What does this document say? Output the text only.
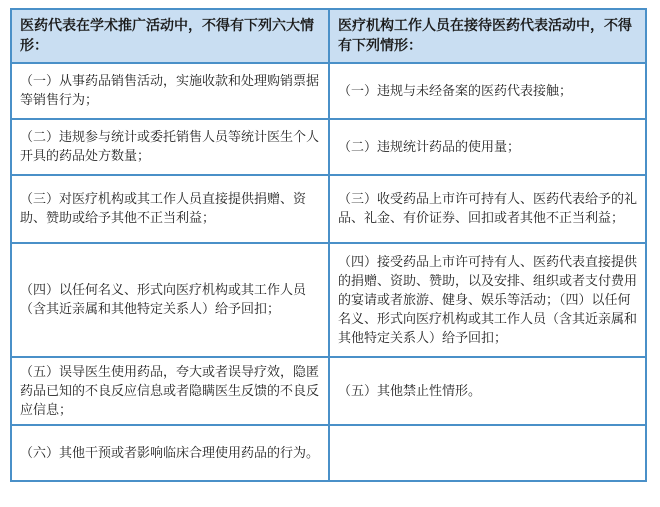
医药代表在学术推广活动中，不得有下列六大情形：	医疗机构工作人员在接待医药代表活动中，不得有下列情形：
（一）从事药品销售活动，实施收款和处理购销票据等销售行为；	（一）违规与未经备案的医药代表接触；
（二）违规参与统计或委托销售人员等统计医生个人开具的药品处方数量；	（二）违规统计药品的使用量；
（三）对医疗机构或其工作人员直接提供捐赠、资助、赞助或给予其他不正当利益；	（三）收受药品上市许可持有人、医药代表给予的礼品、礼金、有价证券、回扣或者其他不正当利益；
（四）以任何名义、形式向医疗机构或其工作人员（含其近亲属和其他特定关系人）给予回扣；	（四）接受药品上市许可持有人、医药代表直接提供的捐赠、资助、赞助，以及安排、组织或者支付费用的宴请或者旅游、健身、娱乐等活动；（四）以任何名义、形式向医疗机构或其工作人员（含其近亲属和其他特定关系人）给予回扣；
（五）误导医生使用药品，夸大或者误导疗效，隐匿药品已知的不良反应信息或者隐瞒医生反馈的不良反应信息；	（五）其他禁止性情形。
（六）其他干预或者影响临床合理使用药品的行为。	
